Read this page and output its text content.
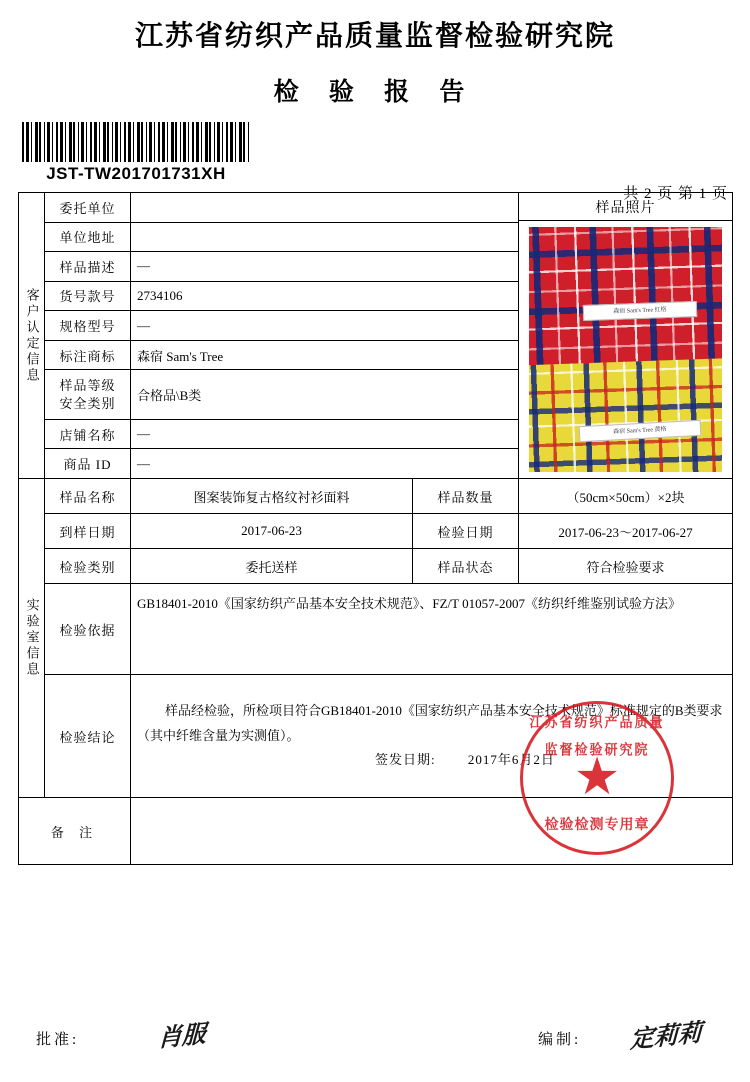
江苏省纺织产品质量监督检验研究院
检 验 报 告
JST-TW201701731XH
共 2 页 第 1 页
客户认定信息	委托单位			样品照片
森宿 Sam's Tree 红格
森宿 Sam's Tree 黄格

	单位地址			
	样品描述	—		
	货号款号	2734106		
	规格型号	—		
	标注商标	森宿 Sam's Tree		

	样品等级
安全类别	合格品\B类		
	店铺名称	—		
	商品 ID	—		

实验室信息	样品名称	图案装饰复古格纹衬衫面料	样品数量	（50cm×50cm）×2块
	到样日期	2017-06-23	检验日期	2017-06-23～2017-06-27
	检验类别	委托送样	样品状态	符合检验要求
	检验依据	GB18401-2010《国家纺织产品基本安全技术规范》、FZ/T 01057-2007《纺织纤维鉴别试验方法》		
	检验结论	样品经检验，所检项目符合GB18401-2010《国家纺织产品基本安全技术规范》标准规定的B类要求（其中纤维含量为实测值）。

签发日期: 2017年6月2日

江苏省纺织产品质量监督检验研究院
★
检验检测专用章		

备 注				
批准:	肖服	编制: 定莉莉
